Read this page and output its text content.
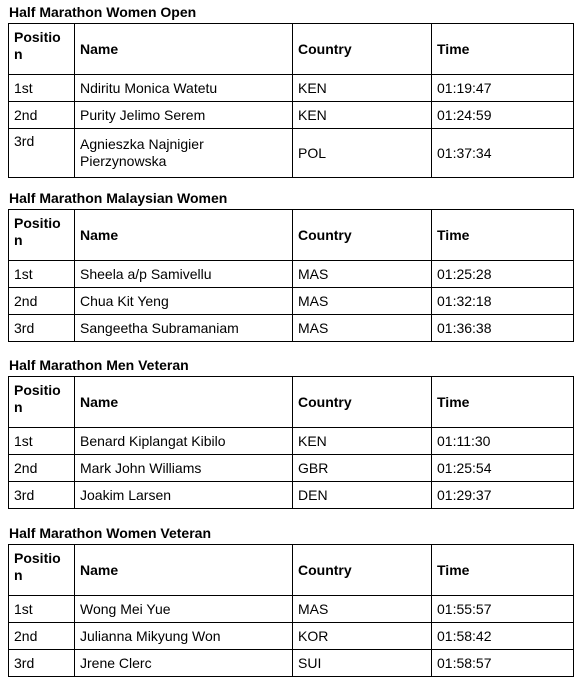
Half Marathon Women Open
Position	Name	Country	Time
1st	Ndiritu Monica Watetu	KEN	01:19:47
2nd	Purity Jelimo Serem	KEN	01:24:59
3rd	Agnieszka Najnigier Pierzynowska	POL	01:37:34
Half Marathon Malaysian Women
Position	Name	Country	Time
1st	Sheela a/p Samivellu	MAS	01:25:28
2nd	Chua Kit Yeng	MAS	01:32:18
3rd	Sangeetha Subramaniam	MAS	01:36:38
Half Marathon Men Veteran
Position	Name	Country	Time
1st	Benard Kiplangat Kibilo	KEN	01:11:30
2nd	Mark John Williams	GBR	01:25:54
3rd	Joakim Larsen	DEN	01:29:37
Half Marathon Women Veteran
Position	Name	Country	Time
1st	Wong Mei Yue	MAS	01:55:57
2nd	Julianna Mikyung Won	KOR	01:58:42
3rd	Jrene Clerc	SUI	01:58:57
